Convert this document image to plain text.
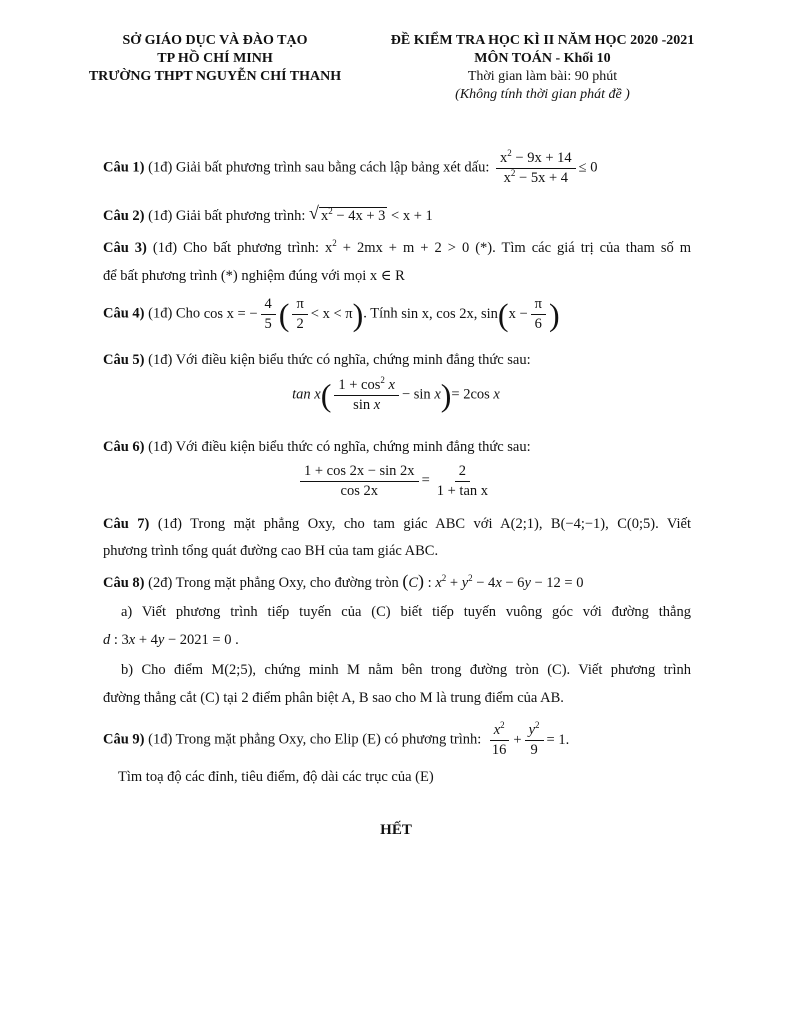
SỞ GIÁO DỤC VÀ ĐÀO TẠO
TP HỒ CHÍ MINH
TRƯỜNG THPT NGUYỄN CHÍ THANH
ĐỀ KIỂM TRA HỌC KÌ II NĂM HỌC 2020 -2021
MÔN TOÁN - Khối 10
Thời gian làm bài: 90 phút
(Không tính thời gian phát đề )
Câu 1) (1đ) Giải bất phương trình sau bằng cách lập bảng xét dấu: $\frac{x^2 - 9x + 14}{x^2 - 5x + 4} \le 0$
Câu 2) (1đ) Giải bất phương trình: √ $x^2 - 4x + 3 < x + 1$
Câu 3) (1đ) Cho bất phương trình: $x^2 + 2mx + m + 2 > 0$ (*). Tìm các giá trị của tham số m
để bất phương trình (*) nghiệm đúng với mọi x ∈ R
Câu 4) (1đ) Cho cos x = − $\frac{4}{5}$ ( $\frac{\pi}{2} < x < \pi$). Tính sin x, cos 2x, $\sin(x - \frac{\pi}{6}$ )
Câu 5) (1đ) Với điều kiện biểu thức có nghĩa, chứng minh đẳng thức sau:
$\tan x( \frac{1 + \cos^2 x}{\text{sin x}} - \sin x)= 2\cos$ x
Câu 6) (1đ) Với điều kiện biểu thức có nghĩa, chứng minh đẳng thức sau:
$\frac{1 + \cos 2x - \sin 2x}{\cos 2x} = \frac{2}{\text{1 + tan x}}$
Câu 7) (1đ) Trong mặt phẳng Oxy, cho tam giác ABC với A(2;1), B(−4;−1), C(0;5). Viết
phương trình tổng quát đường cao BH của tam giác ABC.
Câu 8) (2đ) Trong mặt phẳng Oxy, cho đường tròn (C) : $x^2 + y^2 - 4x - 6y - 12 = 0$
a) Viết phương trình tiếp tuyến của (C) biết tiếp tuyến vuông góc với đường thẳng
d : 3x + 4y − 2021 = 0 .
b) Cho điểm M(2;5), chứng minh M nằm bên trong đường tròn (C). Viết phương trình
đường thẳng cắt (C) tại 2 điểm phân biệt A, B sao cho M là trung điểm của AB.
Câu 9) (1đ) Trong mặt phẳng Oxy, cho Elip (E) có phương trình: $\frac{x^2}{16} + \frac{y^2}{9} = 1$.
Tìm toạ độ các đỉnh, tiêu điểm, độ dài các trục của (E)
HẾT
